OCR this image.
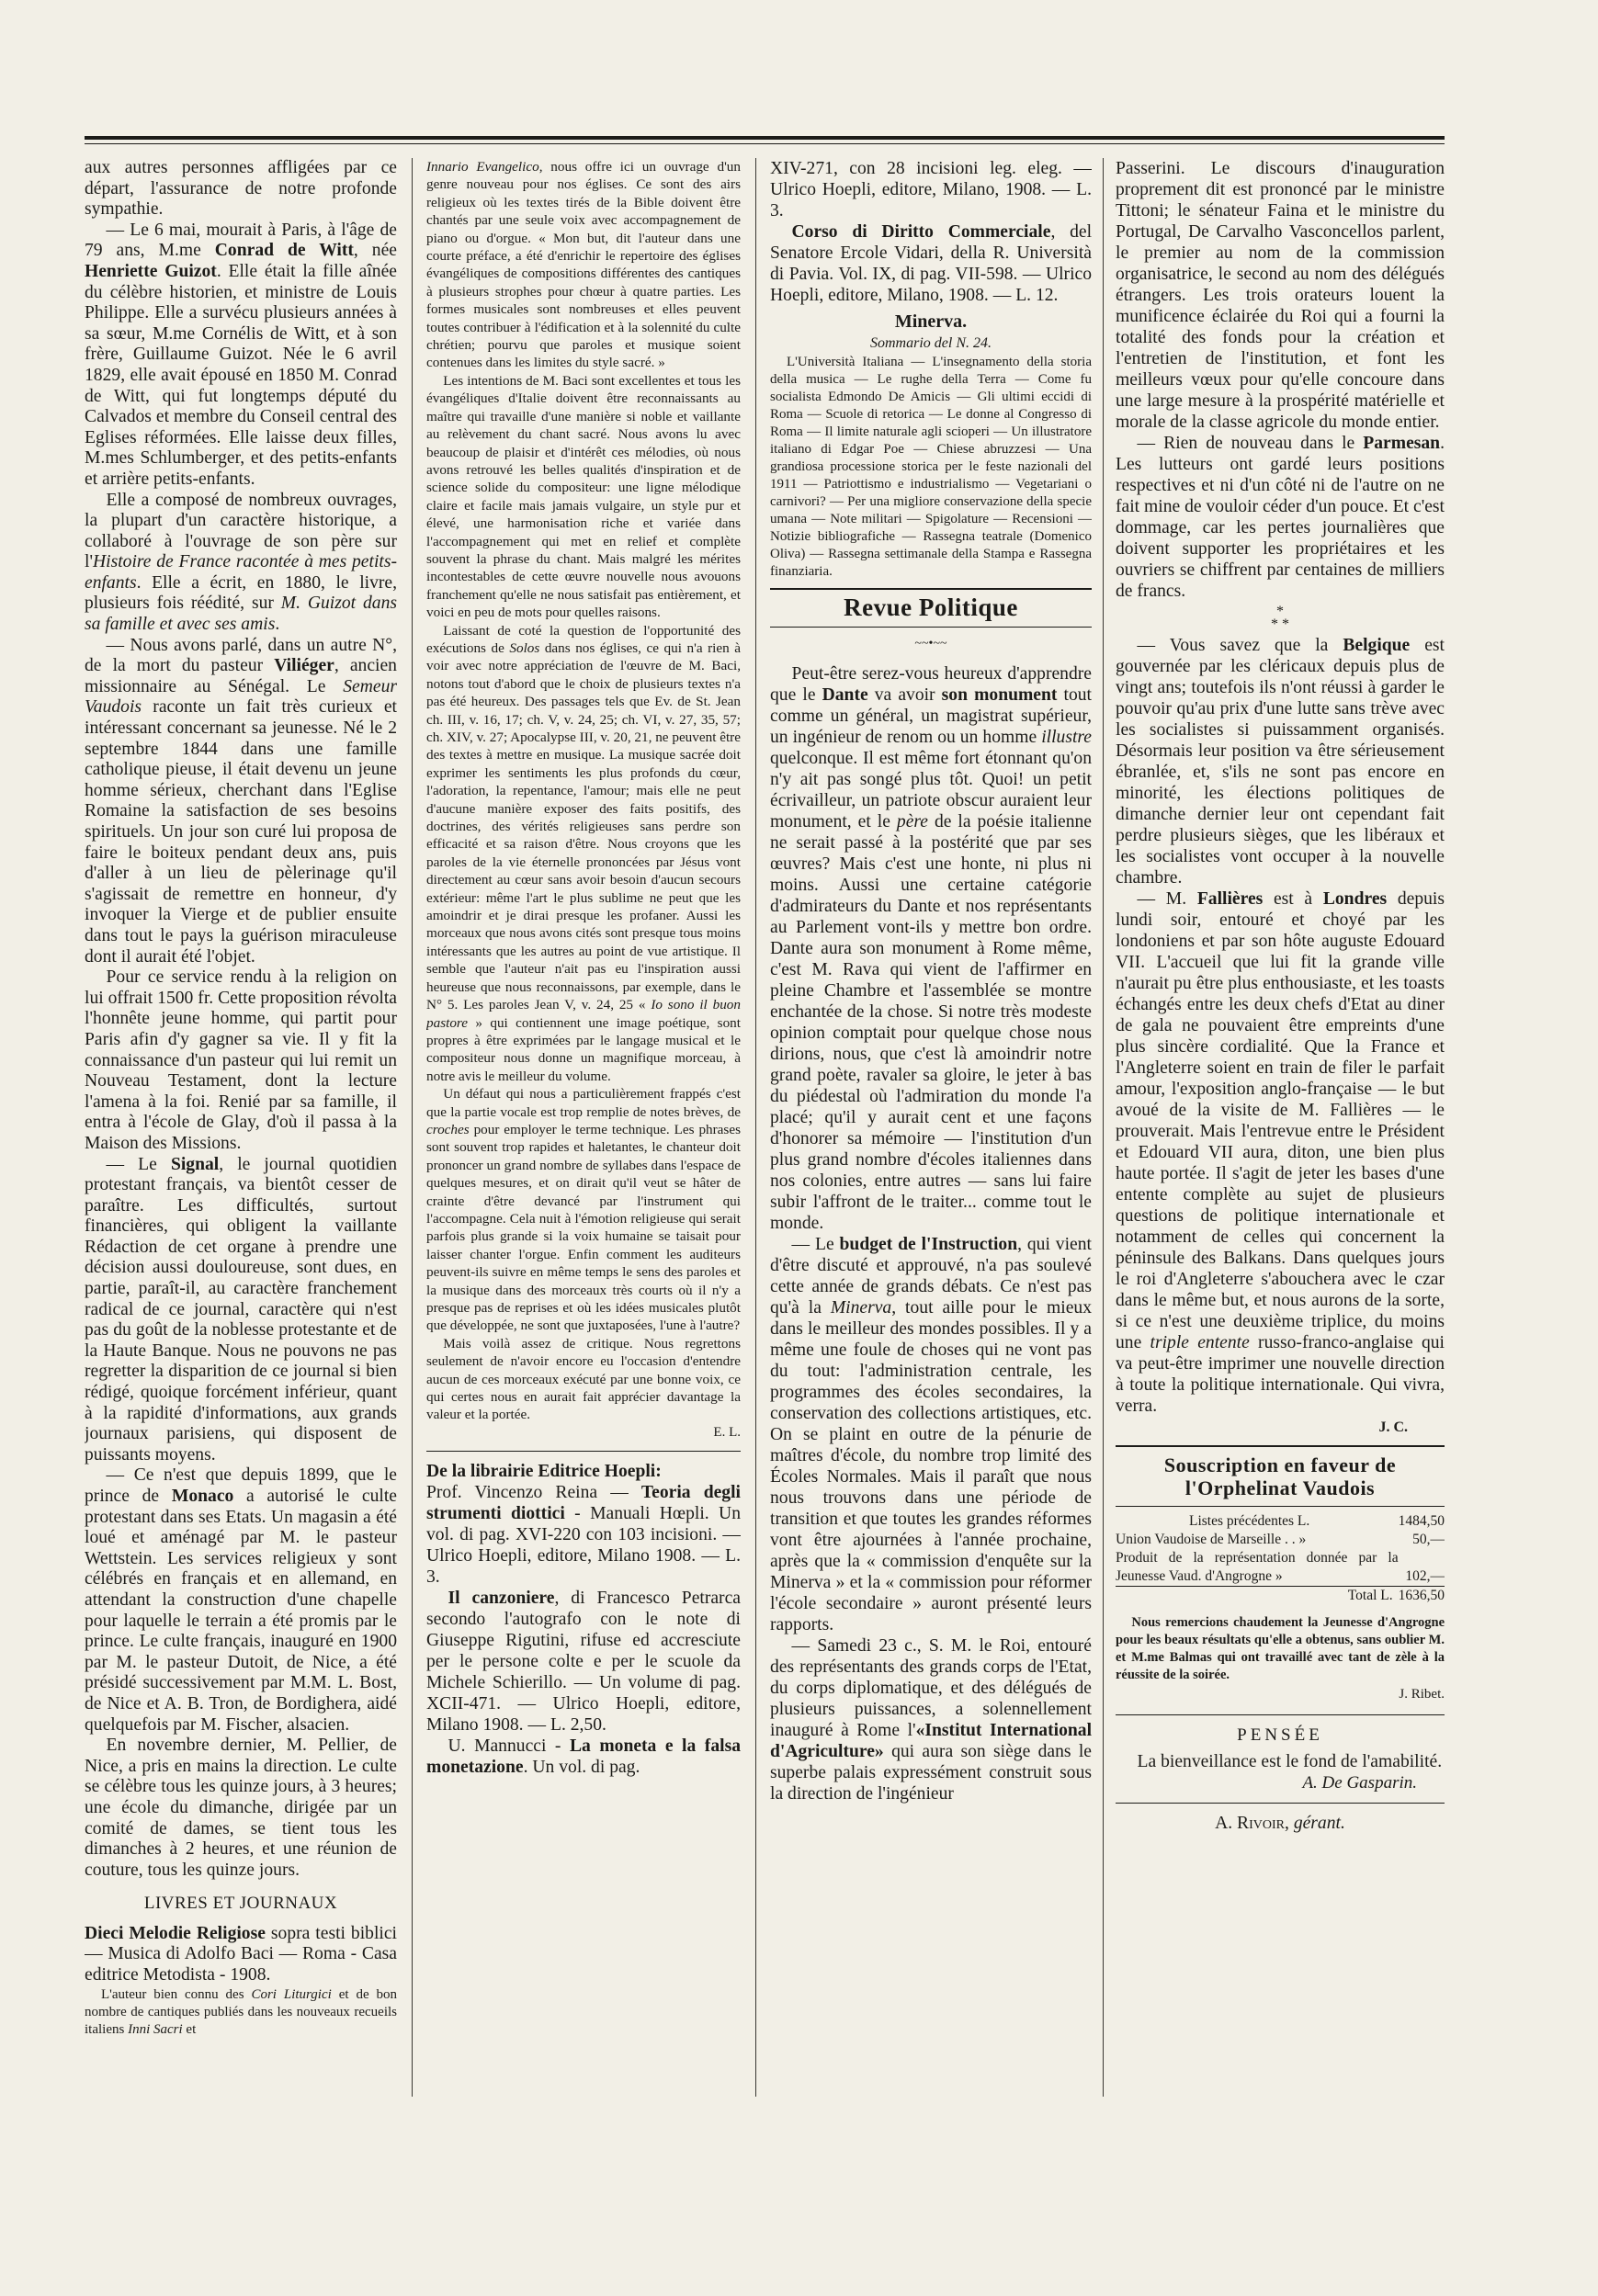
aux autres personnes affligées par ce départ, l'assurance de notre profonde sympathie.

— Le 6 mai, mourait à Paris, à l'âge de 79 ans, M.me Conrad de Witt, née Henriette Guizot. Elle était la fille aînée du célèbre historien, et ministre de Louis Philippe. Elle a survécu plusieurs années à sa sœur, M.me Cornélis de Witt, et à son frère, Guillaume Guizot. Née le 6 avril 1829, elle avait épousé en 1850 M. Conrad de Witt, qui fut longtemps député du Calvados et membre du Conseil central des Eglises réformées. Elle laisse deux filles, M.mes Schlumberger, et des petits-enfants et arrière petits-enfants.

Elle a composé de nombreux ouvrages, la plupart d'un caractère historique, a collaboré à l'ouvrage de son père sur l'Histoire de France racontée à mes petits-enfants. Elle a écrit, en 1880, le livre, plusieurs fois réédité, sur M. Guizot dans sa famille et avec ses amis.

— Nous avons parlé, dans un autre N°, de la mort du pasteur Viliéger, ancien missionnaire au Sénégal. Le Semeur Vaudois raconte un fait très curieux et intéressant concernant sa jeunesse. Né le 2 septembre 1844 dans une famille catholique pieuse, il était devenu un jeune homme sérieux, cherchant dans l'Eglise Romaine la satisfaction de ses besoins spirituels. Un jour son curé lui proposa de faire le boiteux pendant deux ans, puis d'aller à un lieu de pèlerinage qu'il s'agissait de remettre en honneur, d'y invoquer la Vierge et de publier ensuite dans tout le pays la guérison miraculeuse dont il aurait été l'objet.

Pour ce service rendu à la religion on lui offrait 1500 fr. Cette proposition révolta l'honnête jeune homme, qui partit pour Paris afin d'y gagner sa vie. Il y fit la connaissance d'un pasteur qui lui remit un Nouveau Testament, dont la lecture l'amena à la foi. Renié par sa famille, il entra à l'école de Glay, d'où il passa à la Maison des Missions.

— Le Signal, le journal quotidien protestant français, va bientôt cesser de paraître. Les difficultés, surtout financières, qui obligent la vaillante Rédaction de cet organe à prendre une décision aussi douloureuse, sont dues, en partie, paraît-il, au caractère franchement radical de ce journal, caractère qui n'est pas du goût de la noblesse protestante et de la Haute Banque. Nous ne pouvons ne pas regretter la disparition de ce journal si bien rédigé, quoique forcément inférieur, quant à la rapidité d'informations, aux grands journaux parisiens, qui disposent de puissants moyens.

— Ce n'est que depuis 1899, que le prince de Monaco a autorisé le culte protestant dans ses Etats. Un magasin a été loué et aménagé par M. le pasteur Wettstein. Les services religieux y sont célébrés en français et en allemand, en attendant la construction d'une chapelle pour laquelle le terrain a été promis par le prince. Le culte français, inauguré en 1900 par M. le pasteur Dutoit, de Nice, a été présidé successivement par M.M. L. Bost, de Nice et A. B. Tron, de Bordighera, aidé quelquefois par M. Fischer, alsacien.

En novembre dernier, M. Pellier, de Nice, a pris en mains la direction. Le culte se célèbre tous les quinze jours, à 3 heures; une école du dimanche, dirigée par un comité de dames, se tient tous les dimanches à 2 heures, et une réunion de couture, tous les quinze jours.

LIVRES ET JOURNAUX

Dieci Melodie Religiose sopra testi biblici — Musica di Adolfo Baci — Roma - Casa editrice Metodista - 1908.

L'auteur bien connu des Cori Liturgici et de bon nombre de cantiques publiés dans les nouveaux recueils italiens Inni Sacri et

Innario Evangelico, nous offre ici un ouvrage d'un genre nouveau pour nos églises. Ce sont des airs religieux où les textes tirés de la Bible doivent être chantés par une seule voix avec accompagnement de piano ou d'orgue. « Mon but, dit l'auteur dans une courte préface, a été d'enrichir le repertoire des églises évangéliques de compositions différentes des cantiques à plusieurs strophes pour chœur à quatre parties. Les formes musicales sont nombreuses et elles peuvent toutes contribuer à l'édification et à la solennité du culte chrétien; pourvu que paroles et musique soient contenues dans les limites du style sacré. »

Les intentions de M. Baci sont excellentes et tous les évangéliques d'Italie doivent être reconnaissants au maître qui travaille d'une manière si noble et vaillante au relèvement du chant sacré. Nous avons lu avec beaucoup de plaisir et d'intérêt ces mélodies, où nous avons retrouvé les belles qualités d'inspiration et de science solide du compositeur: une ligne mélodique claire et facile mais jamais vulgaire, un style pur et élevé, une harmonisation riche et variée dans l'accompagnement qui met en relief et complète souvent la phrase du chant. Mais malgré les mérites incontestables de cette œuvre nouvelle nous avouons franchement qu'elle ne nous satisfait pas entièrement, et voici en peu de mots pour quelles raisons.

Laissant de coté la question de l'opportunité des exécutions de Solos dans nos églises, ce qui n'a rien à voir avec notre appréciation de l'œuvre de M. Baci, notons tout d'abord que le choix de plusieurs textes n'a pas été heureux. Des passages tels que Ev. de St. Jean ch. III, v. 16, 17; ch. V, v. 24, 25; ch. VI, v. 27, 35, 57; ch. XIV, v. 27; Apocalypse III, v. 20, 21, ne peuvent être des textes à mettre en musique. La musique sacrée doit exprimer les sentiments les plus profonds du cœur, l'adoration, la repentance, l'amour; mais elle ne peut d'aucune manière exposer des faits positifs, des doctrines, des vérités religieuses sans perdre son efficacité et sa raison d'être. Nous croyons que les paroles de la vie éternelle prononcées par Jésus vont directement au cœur sans avoir besoin d'aucun secours extérieur: même l'art le plus sublime ne peut que les amoindrir et je dirai presque les profaner. Aussi les morceaux que nous avons cités sont presque tous moins intéressants que les autres au point de vue artistique. Il semble que l'auteur n'ait pas eu l'inspiration aussi heureuse que nous reconnaissons, par exemple, dans le N° 5. Les paroles Jean V, v. 24, 25 « Io sono il buon pastore » qui contiennent une image poétique, sont propres à être exprimées par le langage musical et le compositeur nous donne un magnifique morceau, à notre avis le meilleur du volume.

Un défaut qui nous a particulièrement frappés c'est que la partie vocale est trop remplie de notes brèves, de croches pour employer le terme technique. Les phrases sont souvent trop rapides et haletantes, le chanteur doit prononcer un grand nombre de syllabes dans l'espace de quelques mesures, et on dirait qu'il veut se hâter de crainte d'être devancé par l'instrument qui l'accompagne. Cela nuit à l'émotion religieuse qui serait parfois plus grande si la voix humaine se taisait pour laisser chanter l'orgue. Enfin comment les auditeurs peuvent-ils suivre en même temps le sens des paroles et la musique dans des morceaux très courts où il n'y a presque pas de reprises et où les idées musicales plutôt que développée, ne sont que juxtaposées, l'une à l'autre?

Mais voilà assez de critique. Nous regrettons seulement de n'avoir encore eu l'occasion d'entendre aucun de ces morceaux exécuté par une bonne voix, ce qui certes nous en aurait fait apprécier davantage la valeur et la portée.

E. L.

De la librairie Editrice Hoepli:
Prof. Vincenzo Reina — Teoria degli strumenti diottici - Manuali Hœpli. Un vol. di pag. XVI-220 con 103 incisioni. — Ulrico Hoepli, editore, Milano 1908. — L. 3.

Il canzoniere, di Francesco Petrarca secondo l'autografo con le note di Giuseppe Rigutini, rifuse ed accresciute per le persone colte e per le scuole da Michele Schierillo. — Un volume di pag. XCII-471. — Ulrico Hoepli, editore, Milano 1908. — L. 2,50.

U. Mannucci - La moneta e la falsa monetazione. Un vol. di pag.

XIV-271, con 28 incisioni leg. eleg. — Ulrico Hoepli, editore, Milano, 1908. — L. 3.

Corso di Diritto Commerciale, del Senatore Ercole Vidari, della R. Università di Pavia. Vol. IX, di pag. VII-598. — Ulrico Hoepli, editore, Milano, 1908. — L. 12.

Minerva.
Sommario del N. 24.

L'Università Italiana — L'insegnamento della storia della musica — Le rughe della Terra — Come fu socialista Edmondo De Amicis — Gli ultimi eccidi di Roma — Scuole di retorica — Le donne al Congresso di Roma — Il limite naturale agli scioperi — Un illustratore italiano di Edgar Poe — Chiese abruzzesi — Una grandiosa processione storica per le feste nazionali del 1911 — Patriottismo e industrialismo — Vegetariani o carnivori? — Per una migliore conservazione della specie umana — Note militari — Spigolature — Recensioni — Notizie bibliografiche — Rassegna teatrale (Domenico Oliva) — Rassegna settimanale della Stampa e Rassegna finanziaria.

Revue Politique

~~•~~

Peut-être serez-vous heureux d'apprendre que le Dante va avoir son monument tout comme un général, un magistrat supérieur, un ingénieur de renom ou un homme illustre quelconque. Il est même fort étonnant qu'on n'y ait pas songé plus tôt. Quoi! un petit écrivailleur, un patriote obscur auraient leur monument, et le père de la poésie italienne ne serait passé à la postérité que par ses œuvres? Mais c'est une honte, ni plus ni moins. Aussi une certaine catégorie d'admirateurs du Dante et nos représentants au Parlement vont-ils y mettre bon ordre. Dante aura son monument à Rome même, c'est M. Rava qui vient de l'affirmer en pleine Chambre et l'assemblée se montre enchantée de la chose. Si notre très modeste opinion comptait pour quelque chose nous dirions, nous, que c'est là amoindrir notre grand poète, ravaler sa gloire, le jeter à bas du piédestal où l'admiration du monde l'a placé; qu'il y aurait cent et une façons d'honorer sa mémoire — l'institution d'un plus grand nombre d'écoles italiennes dans nos colonies, entre autres — sans lui faire subir l'affront de le traiter... comme tout le monde.

— Le budget de l'Instruction, qui vient d'être discuté et approuvé, n'a pas soulevé cette année de grands débats. Ce n'est pas qu'à la Minerva, tout aille pour le mieux dans le meilleur des mondes possibles. Il y a même une foule de choses qui ne vont pas du tout: l'administration centrale, les programmes des écoles secondaires, la conservation des collections artistiques, etc. On se plaint en outre de la pénurie de maîtres d'école, du nombre trop limité des Écoles Normales. Mais il paraît que nous nous trouvons dans une période de transition et que toutes les grandes réformes vont être ajournées à l'année prochaine, après que la « commission d'enquête sur la Minerva » et la « commission pour réformer l'école secondaire » auront présenté leurs rapports.

— Samedi 23 c., S. M. le Roi, entouré des représentants des grands corps de l'Etat, du corps diplomatique, et des délégués de plusieurs puissances, a solennellement inauguré à Rome l'«Institut International d'Agriculture» qui aura son siège dans le superbe palais expressément construit sous la direction de l'ingénieur

Passerini. Le discours d'inauguration proprement dit est prononcé par le ministre Tittoni; le sénateur Faina et le ministre du Portugal, De Carvalho Vasconcellos parlent, le premier au nom de la commission organisatrice, le second au nom des délégués étrangers. Les trois orateurs louent la munificence éclairée du Roi qui a fourni la totalité des fonds pour la création et l'entretien de l'institution, et font les meilleurs vœux pour qu'elle concoure dans une large mesure à la prospérité matérielle et morale de la classe agricole du monde entier.

— Rien de nouveau dans le Parmesan. Les lutteurs ont gardé leurs positions respectives et ni d'un côté ni de l'autre on ne fait mine de vouloir céder d'un pouce. Et c'est dommage, car les pertes journalières que doivent supporter les propriétaires et les ouvriers se chiffrent par centaines de milliers de francs.

*
* *

— Vous savez que la Belgique est gouvernée par les cléricaux depuis plus de vingt ans; toutefois ils n'ont réussi à garder le pouvoir qu'au prix d'une lutte sans trève avec les socialistes si puissamment organisés. Désormais leur position va être sérieusement ébranlée, et, s'ils ne sont pas encore en minorité, les élections politiques de dimanche dernier leur ont cependant fait perdre plusieurs sièges, que les libéraux et les socialistes vont occuper à la nouvelle chambre.

— M. Fallières est à Londres depuis lundi soir, entouré et choyé par les londoniens et par son hôte auguste Edouard VII. L'accueil que lui fit la grande ville n'aurait pu être plus enthousiaste, et les toasts échangés entre les deux chefs d'Etat au diner de gala ne pouvaient être empreints d'une plus sincère cordialité. Que la France et l'Angleterre soient en train de filer le parfait amour, l'exposition anglo-française — le but avoué de la visite de M. Fallières — le prouverait. Mais l'entrevue entre le Président et Edouard VII aura, diton, une bien plus haute portée. Il s'agit de jeter les bases d'une entente complète au sujet de plusieurs questions de politique internationale et notamment de celles qui concernent la péninsule des Balkans. Dans quelques jours le roi d'Angleterre s'abouchera avec le czar dans le même but, et nous aurons de la sorte, si ce n'est une deuxième triplice, du moins une triple entente russo-franco-anglaise qui va peut-être imprimer une nouvelle direction à toute la politique internationale. Qui vivra, verra.

J. C.

Souscription en faveur de l'Orphelinat Vaudois
Listes précédentes L.	1484,50
Union Vaudoise de Marseille . . »	50,—
Produit de la représentation donnée par la Jeunesse Vaud. d'Angrogne »	102,—
Total L.	1636,50

Nous remercions chaudement la Jeunesse d'Angrogne pour les beaux résultats qu'elle a obtenus, sans oublier M. et M.me Balmas qui ont travaillé avec tant de zèle à la réussite de la soirée.

J. Ribet.

PENSÉE

La bienveillance est le fond de l'amabilité.

A. De Gasparin.

A. Rivoir, gérant.
